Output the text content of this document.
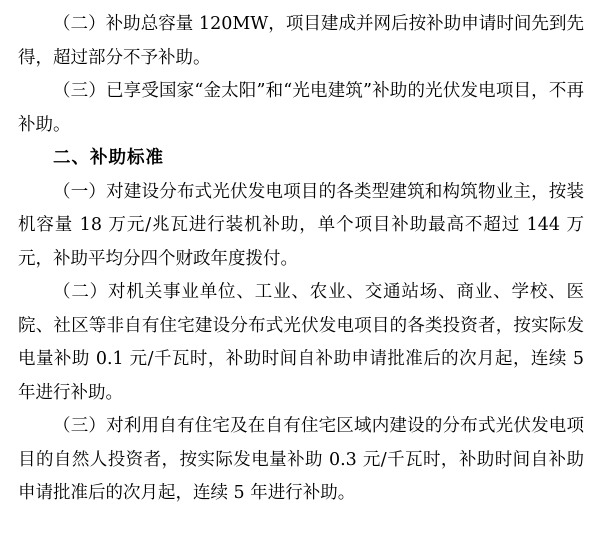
（二）补助总容量 120MW，项目建成并网后按补助申请时间先到先得，超过部分不予补助。

（三）已享受国家“金太阳”和“光电建筑”补助的光伏发电项目，不再补助。

二、补助标准

（一）对建设分布式光伏发电项目的各类型建筑和构筑物业主，按装机容量 18 万元/兆瓦进行装机补助，单个项目补助最高不超过 144 万元，补助平均分四个财政年度拨付。

（二）对机关事业单位、工业、农业、交通站场、商业、学校、医院、社区等非自有住宅建设分布式光伏发电项目的各类投资者，按实际发电量补助 0.1 元/千瓦时，补助时间自补助申请批准后的次月起，连续 5 年进行补助。

（三）对利用自有住宅及在自有住宅区域内建设的分布式光伏发电项目的自然人投资者，按实际发电量补助 0.3 元/千瓦时，补助时间自补助申请批准后的次月起，连续 5 年进行补助。
